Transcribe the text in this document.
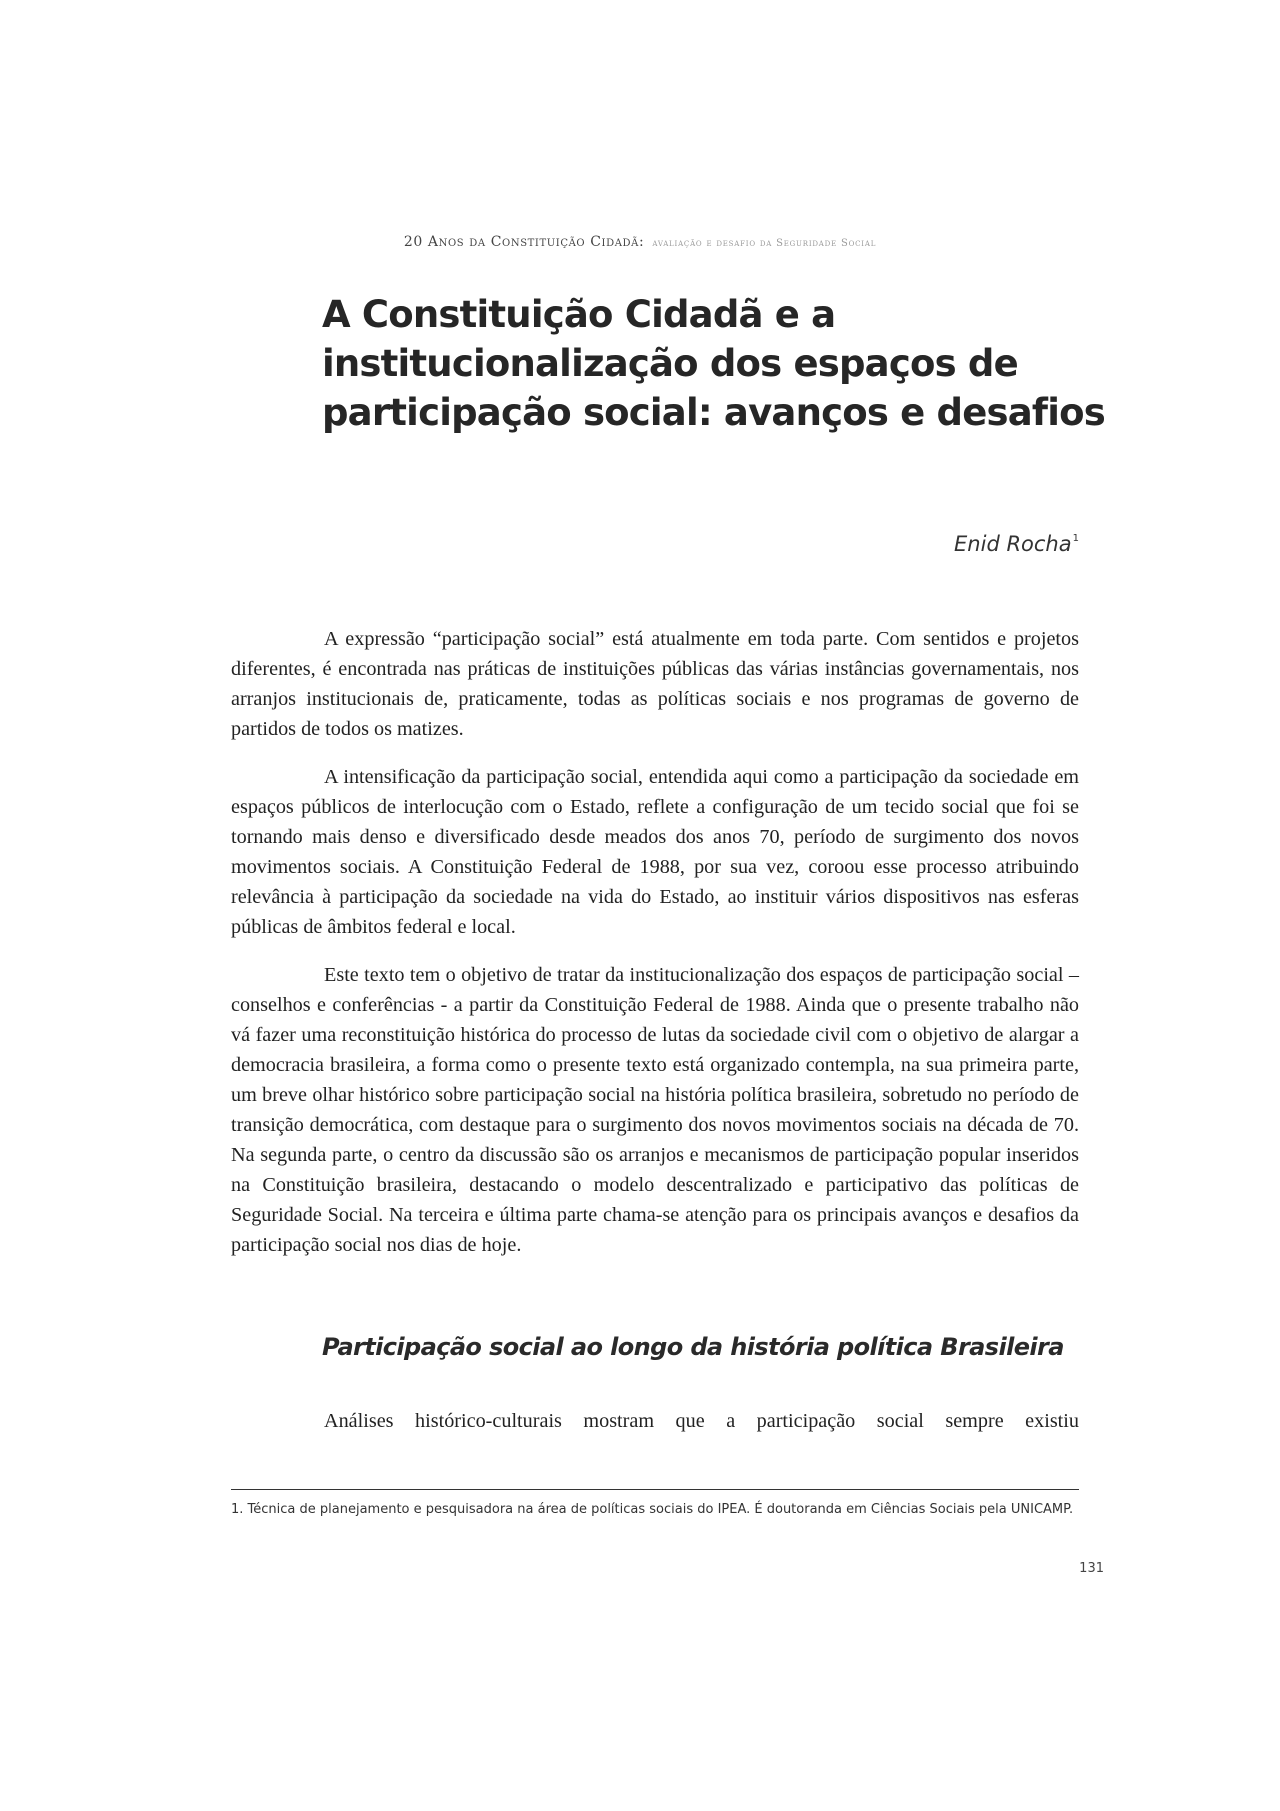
20 Anos da Constituição Cidadã: avaliação e desafio da Seguridade Social
A Constituição Cidadã e a
institucionalização dos espaços de
participação social: avanços e desafios
Enid Rocha$^1$

A expressão “participação social” está atualmente em toda parte. Com sentidos e projetos diferentes, é encontrada nas práticas de instituições públicas das várias instâncias governamentais, nos arranjos institucionais de, praticamente, todas as políticas sociais e nos programas de governo de partidos de todos os matizes.

A intensificação da participação social, entendida aqui como a participação da sociedade em espaços públicos de interlocução com o Estado, reflete a configuração de um tecido social que foi se tornando mais denso e diversificado desde meados dos anos 70, período de surgimento dos novos movimentos sociais. A Constituição Federal de 1988, por sua vez, coroou esse processo atribuindo relevância à participação da sociedade na vida do Estado, ao instituir vários dispositivos nas esferas públicas de âmbitos federal e local.

Este texto tem o objetivo de tratar da institucionalização dos espaços de participação social – conselhos e conferências - a partir da Constituição Federal de 1988. Ainda que o presente trabalho não vá fazer uma reconstituição histórica do processo de lutas da sociedade civil com o objetivo de alargar a democracia brasileira, a forma como o presente texto está organizado contempla, na sua primeira parte, um breve olhar histórico sobre participação social na história política brasileira, sobretudo no período de transição democrática, com destaque para o surgimento dos novos movimentos sociais na década de 70. Na segunda parte, o centro da discussão são os arranjos e mecanismos de participação popular inseridos na Constituição brasileira, destacando o modelo descentralizado e participativo das políticas de Seguridade Social. Na terceira e última parte chama-se atenção para os principais avanços e desafios da participação social nos dias de hoje.

Participação social ao longo da história política Brasileira

Análises histórico-culturais mostram que a participação social sempre existiu

1. Técnica de planejamento e pesquisadora na área de políticas sociais do IPEA. É doutoranda em Ciências Sociais pela UNICAMP.

131
